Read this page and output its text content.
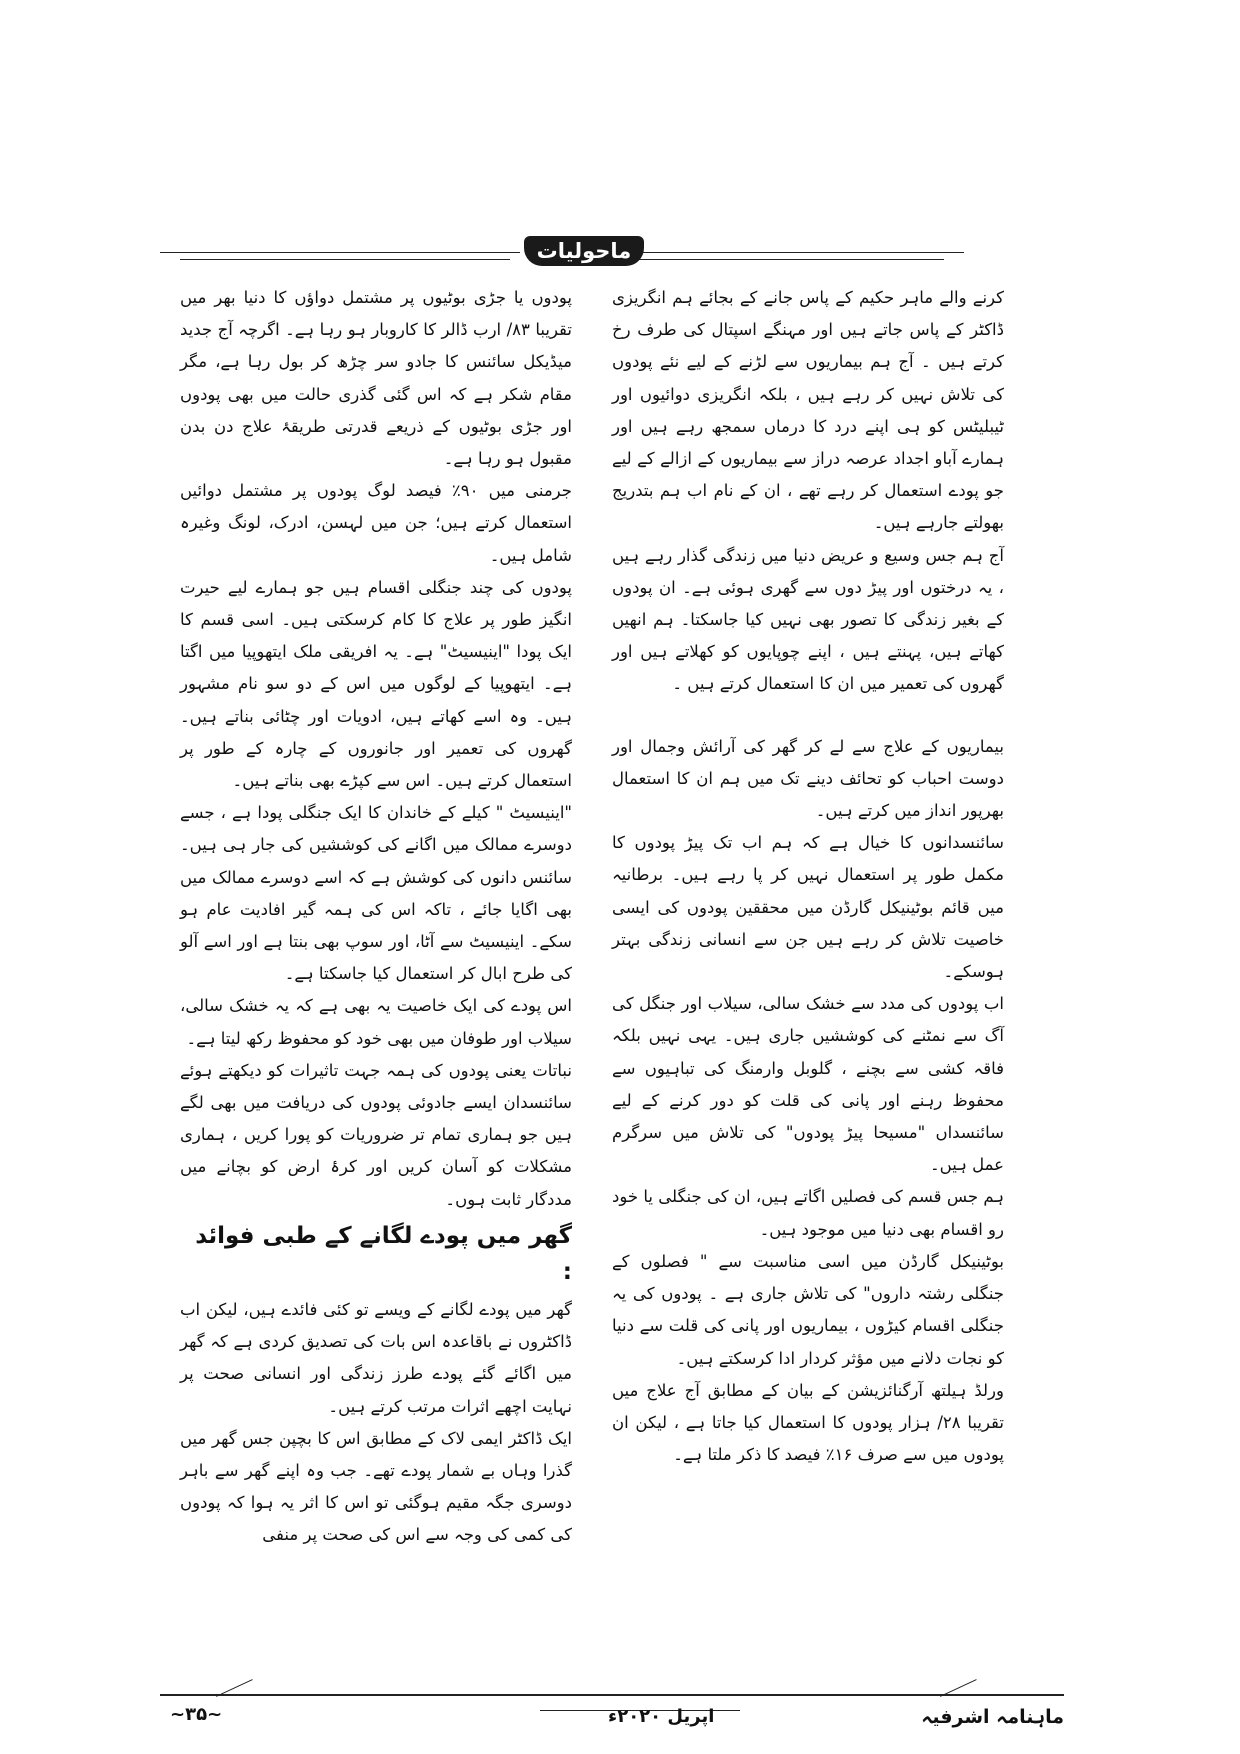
ماحولیات

کرنے والے ماہر حکیم کے پاس جانے کے بجائے ہم انگریزی ڈاکٹر کے پاس جاتے ہیں اور مہنگے اسپتال کی طرف رخ کرتے ہیں ۔ آج ہم بیماریوں سے لڑنے کے لیے نئے پودوں کی تلاش نہیں کر رہے ہیں ، بلکہ انگریزی دوائیوں اور ٹیبلیٹس کو ہی اپنے درد کا درماں سمجھ رہے ہیں اور ہمارے آباو اجداد عرصہ دراز سے بیماریوں کے ازالے کے لیے جو پودے استعمال کر رہے تھے ، ان کے نام اب ہم بتدریج بھولتے جارہے ہیں۔

آج ہم جس وسیع و عریض دنیا میں زندگی گذار رہے ہیں ، یہ درختوں اور پیڑ دوں سے گھری ہوئی ہے۔ ان پودوں کے بغیر زندگی کا تصور بھی نہیں کیا جاسکتا۔ ہم انھیں کھاتے ہیں، پہنتے ہیں ، اپنے چوپایوں کو کھلاتے ہیں اور گھروں کی تعمیر میں ان کا استعمال کرتے ہیں ۔

بیماریوں کے علاج سے لے کر گھر کی آرائش وجمال اور دوست احباب کو تحائف دینے تک میں ہم ان کا استعمال بھرپور انداز میں کرتے ہیں۔

سائنسدانوں کا خیال ہے کہ ہم اب تک پیڑ پودوں کا مکمل طور پر استعمال نہیں کر پا رہے ہیں۔ برطانیہ میں قائم بوٹینیکل گارڈن میں محققین پودوں کی ایسی خاصیت تلاش کر رہے ہیں جن سے انسانی زندگی بہتر ہوسکے۔

اب پودوں کی مدد سے خشک سالی، سیلاب اور جنگل کی آگ سے نمٹنے کی کوششیں جاری ہیں۔ یہی نہیں بلکہ فاقہ کشی سے بچنے ، گلوبل وارمنگ کی تباہیوں سے محفوظ رہنے اور پانی کی قلت کو دور کرنے کے لیے سائنسداں "مسیحا پیڑ پودوں" کی تلاش میں سرگرم عمل ہیں۔

ہم جس قسم کی فصلیں اگاتے ہیں، ان کی جنگلی یا خود رو اقسام بھی دنیا میں موجود ہیں۔

بوٹینیکل گارڈن میں اسی مناسبت سے " فصلوں کے جنگلی رشتہ داروں" کی تلاش جاری ہے ۔ پودوں کی یہ جنگلی اقسام کیڑوں ، بیماریوں اور پانی کی قلت سے دنیا کو نجات دلانے میں مؤثر کردار ادا کرسکتے ہیں۔

ورلڈ ہیلتھ آرگنائزیشن کے بیان کے مطابق آج علاج میں تقریبا ۲۸/ ہزار پودوں کا استعمال کیا جاتا ہے ، لیکن ان پودوں میں سے صرف ۱۶٪ فیصد کا ذکر ملتا ہے۔

پودوں یا جڑی بوٹیوں پر مشتمل دواؤں کا دنیا بھر میں تقریبا ۸۳/ ارب ڈالر کا کاروبار ہو رہا ہے۔ اگرچہ آج جدید میڈیکل سائنس کا جادو سر چڑھ کر بول رہا ہے، مگر مقام شکر ہے کہ اس گئی گذری حالت میں بھی پودوں اور جڑی بوٹیوں کے ذریعے قدرتی طریقۂ علاج دن بدن مقبول ہو رہا ہے۔

جرمنی میں ۹۰٪ فیصد لوگ پودوں پر مشتمل دوائیں استعمال کرتے ہیں؛ جن میں لہسن، ادرک، لونگ وغیرہ شامل ہیں۔

پودوں کی چند جنگلی اقسام ہیں جو ہمارے لیے حیرت انگیز طور پر علاج کا کام کرسکتی ہیں۔ اسی قسم کا ایک پودا "اینیسیٹ" ہے۔ یہ افریقی ملک ایتھوپیا میں اگتا ہے۔ ایتھوپیا کے لوگوں میں اس کے دو سو نام مشہور ہیں۔ وہ اسے کھاتے ہیں، ادویات اور چٹائی بناتے ہیں۔ گھروں کی تعمیر اور جانوروں کے چارہ کے طور پر استعمال کرتے ہیں۔ اس سے کپڑے بھی بناتے ہیں۔

"اینیسیٹ " کیلے کے خاندان کا ایک جنگلی پودا ہے ، جسے دوسرے ممالک میں اگانے کی کوششیں کی جار ہی ہیں۔ سائنس دانوں کی کوشش ہے کہ اسے دوسرے ممالک میں بھی اگایا جائے ، تاکہ اس کی ہمہ گیر افادیت عام ہو سکے۔ اینیسیٹ سے آٹا، اور سوپ بھی بنتا ہے اور اسے آلو کی طرح ابال کر استعمال کیا جاسکتا ہے۔

اس پودے کی ایک خاصیت یہ بھی ہے کہ یہ خشک سالی، سیلاب اور طوفان میں بھی خود کو محفوظ رکھ لیتا ہے۔

نباتات یعنی پودوں کی ہمہ جہت تاثیرات کو دیکھتے ہوئے سائنسدان ایسے جادوئی پودوں کی دریافت میں بھی لگے ہیں جو ہماری تمام تر ضروریات کو پورا کریں ، ہماری مشکلات کو آسان کریں اور کرۂ ارض کو بچانے میں مددگار ثابت ہوں۔

گھر میں پودے لگانے کے طبی فوائد :

گھر میں پودے لگانے کے ویسے تو کئی فائدے ہیں، لیکن اب ڈاکٹروں نے باقاعدہ اس بات کی تصدیق کردی ہے کہ گھر میں اگائے گئے پودے طرز زندگی اور انسانی صحت پر نہایت اچھے اثرات مرتب کرتے ہیں۔

ایک ڈاکٹر ایمی لاک کے مطابق اس کا بچپن جس گھر میں گذرا وہاں بے شمار پودے تھے۔ جب وہ اپنے گھر سے باہر دوسری جگہ مقیم ہوگئی تو اس کا اثر یہ ہوا کہ پودوں کی کمی کی وجہ سے اس کی صحت پر منفی

ماہنامہ اشرفیہ
اپریل ۲۰۲۰ء
~۳۵~
